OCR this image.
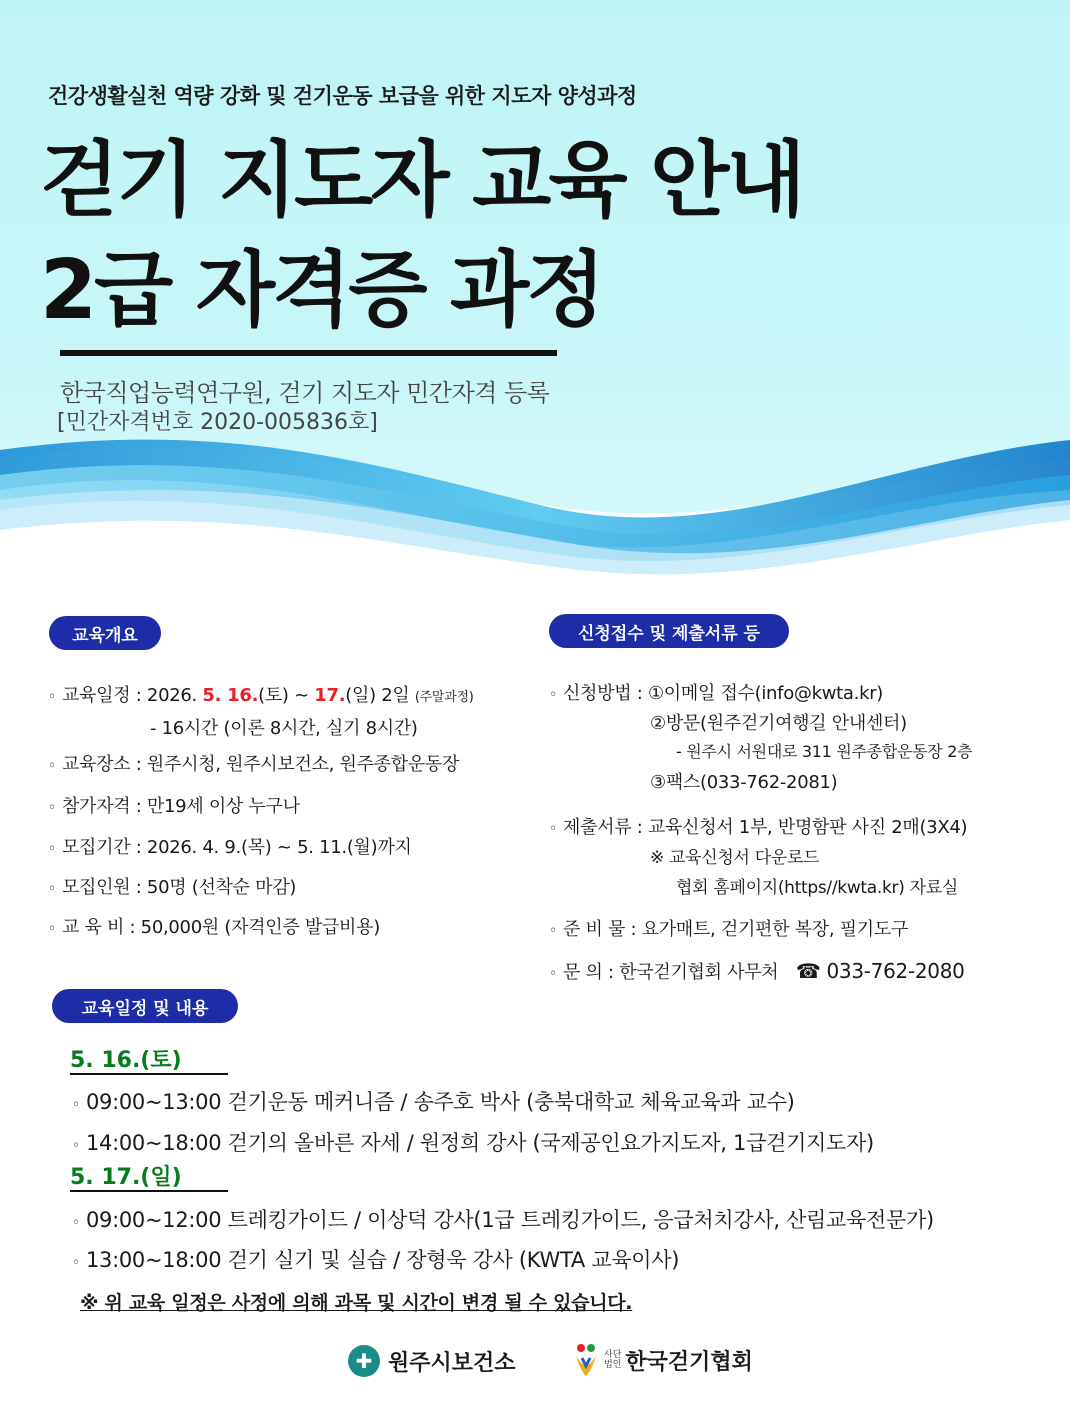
건강생활실천 역량 강화 및 걷기운동 보급을 위한 지도자 양성과정
걷기 지도자 교육 안내
2급 자격증 과정
한국직업능력연구원, 걷기 지도자 민간자격 등록
[민간자격번호 2020-005836호]
교육개요
◦ 교육일정 : 2026. 5. 16.(토) ~ 17.(일) 2일 (주말과정)
- 16시간 (이론 8시간, 실기 8시간)
◦ 교육장소 : 원주시청, 원주시보건소, 원주종합운동장
◦ 참가자격 : 만19세 이상 누구나
◦ 모집기간 : 2026. 4. 9.(목) ~ 5. 11.(월)까지
◦ 모집인원 : 50명 (선착순 마감)
◦ 교 육 비 : 50,000원 (자격인증 발급비용)
신청접수 및 제출서류 등
◦ 신청방법 : ①이메일 접수(info@kwta.kr)
②방문(원주걷기여행길 안내센터)
- 원주시 서원대로 311 원주종합운동장 2층
③팩스(033-762-2081)
◦ 제출서류 : 교육신청서 1부, 반명함판 사진 2매(3X4)
※ 교육신청서 다운로드
협회 홈페이지(https//kwta.kr) 자료실
◦ 준 비 물 : 요가매트, 걷기편한 복장, 필기도구
◦ 문 의 : 한국걷기협회 사무처 ☎ 033-762-2080
교육일정 및 내용
5. 16.(토)
◦ 09:00~13:00 걷기운동 메커니즘 / 송주호 박사 (충북대학교 체육교육과 교수)
◦ 14:00~18:00 걷기의 올바른 자세 / 원정희 강사 (국제공인요가지도자, 1급걷기지도자)
5. 17.(일)
◦ 09:00~12:00 트레킹가이드 / 이상덕 강사(1급 트레킹가이드, 응급처치강사, 산림교육전문가)
◦ 13:00~18:00 걷기 실기 및 실습 / 장형욱 강사 (KWTA 교육이사)
※ 위 교육 일정은 사정에 의해 과목 및 시간이 변경 될 수 있습니다.
✚ 원주시보건소	사단
법인 한국걷기협회
